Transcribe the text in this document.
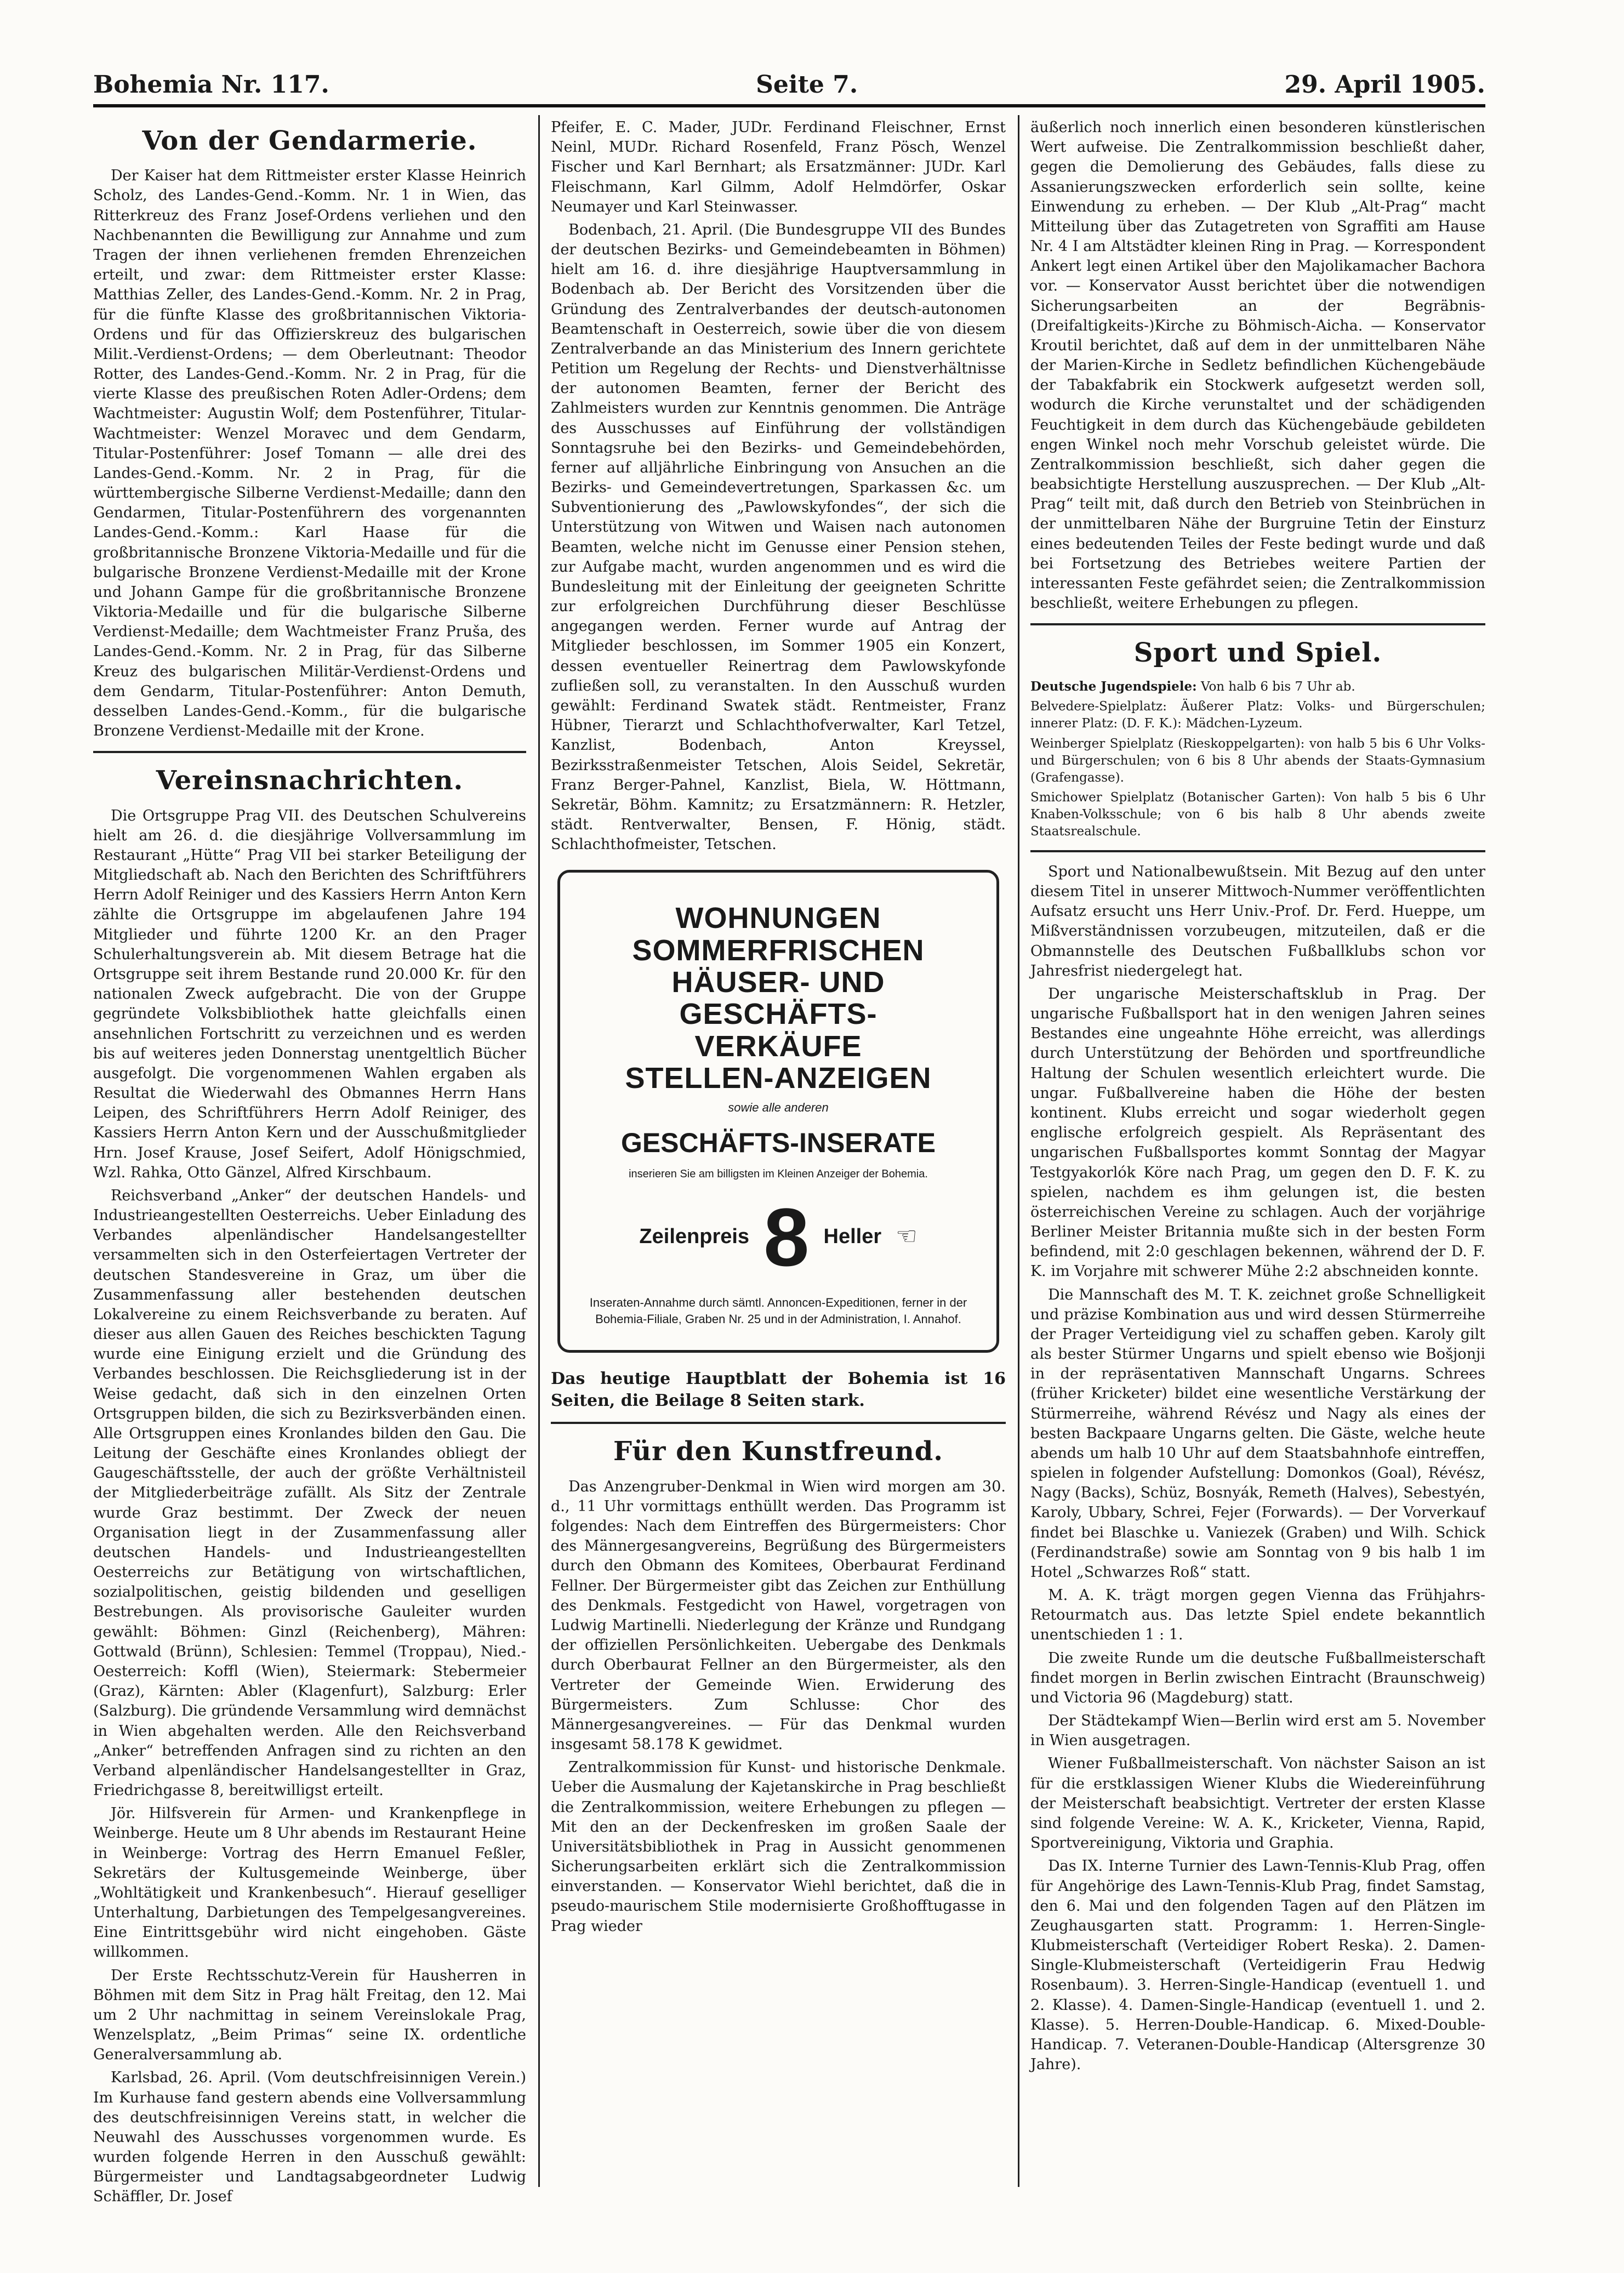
Bohemia Nr. 117.	Seite 7.	29. April 1905.
Von der Gendarmerie.

Der Kaiser hat dem Rittmeister erster Klasse Heinrich Scholz, des Landes-Gend.-Komm. Nr. 1 in Wien, das Ritterkreuz des Franz Josef-Ordens verliehen und den Nachbenannten die Bewilligung zur Annahme und zum Tragen der ihnen verliehenen fremden Ehrenzeichen erteilt, und zwar: dem Rittmeister erster Klasse: Matthias Zeller, des Landes-Gend.-Komm. Nr. 2 in Prag, für die fünfte Klasse des großbritannischen Viktoria-Ordens und für das Offizierskreuz des bulgarischen Milit.-Verdienst-Ordens; — dem Oberleutnant: Theodor Rotter, des Landes-Gend.-Komm. Nr. 2 in Prag, für die vierte Klasse des preußischen Roten Adler-Ordens; dem Wachtmeister: Augustin Wolf; dem Postenführer, Titular-Wachtmeister: Wenzel Moravec und dem Gendarm, Titular-Postenführer: Josef Tomann — alle drei des Landes-Gend.-Komm. Nr. 2 in Prag, für die württembergische Silberne Verdienst-Medaille; dann den Gendarmen, Titular-Postenführern des vorgenannten Landes-Gend.-Komm.: Karl Haase für die großbritannische Bronzene Viktoria-Medaille und für die bulgarische Bronzene Verdienst-Medaille mit der Krone und Johann Gampe für die großbritannische Bronzene Viktoria-Medaille und für die bulgarische Silberne Verdienst-Medaille; dem Wachtmeister Franz Pruša, des Landes-Gend.-Komm. Nr. 2 in Prag, für das Silberne Kreuz des bulgarischen Militär-Verdienst-Ordens und dem Gendarm, Titular-Postenführer: Anton Demuth, desselben Landes-Gend.-Komm., für die bulgarische Bronzene Verdienst-Medaille mit der Krone.

Vereinsnachrichten.

Die Ortsgruppe Prag VII. des Deutschen Schulvereins hielt am 26. d. die diesjährige Vollversammlung im Restaurant „Hütte“ Prag VII bei starker Beteiligung der Mitgliedschaft ab. Nach den Berichten des Schriftführers Herrn Adolf Reiniger und des Kassiers Herrn Anton Kern zählte die Ortsgruppe im abgelaufenen Jahre 194 Mitglieder und führte 1200 Kr. an den Prager Schulerhaltungsverein ab. Mit diesem Betrage hat die Ortsgruppe seit ihrem Bestande rund 20.000 Kr. für den nationalen Zweck aufgebracht. Die von der Gruppe gegründete Volksbibliothek hatte gleichfalls einen ansehnlichen Fortschritt zu verzeichnen und es werden bis auf weiteres jeden Donnerstag unentgeltlich Bücher ausgefolgt. Die vorgenommenen Wahlen ergaben als Resultat die Wiederwahl des Obmannes Herrn Hans Leipen, des Schriftführers Herrn Adolf Reiniger, des Kassiers Herrn Anton Kern und der Ausschußmitglieder Hrn. Josef Krause, Josef Seifert, Adolf Hönigschmied, Wzl. Rahka, Otto Gänzel, Alfred Kirschbaum.

Reichsverband „Anker“ der deutschen Handels- und Industrieangestellten Oesterreichs. Ueber Einladung des Verbandes alpenländischer Handelsangestellter versammelten sich in den Osterfeiertagen Vertreter der deutschen Standesvereine in Graz, um über die Zusammenfassung aller bestehenden deutschen Lokalvereine zu einem Reichsverbande zu beraten. Auf dieser aus allen Gauen des Reiches beschickten Tagung wurde eine Einigung erzielt und die Gründung des Verbandes beschlossen. Die Reichsgliederung ist in der Weise gedacht, daß sich in den einzelnen Orten Ortsgruppen bilden, die sich zu Bezirksverbänden einen. Alle Ortsgruppen eines Kronlandes bilden den Gau. Die Leitung der Geschäfte eines Kronlandes obliegt der Gaugeschäftsstelle, der auch der größte Verhältnisteil der Mitgliederbeiträge zufällt. Als Sitz der Zentrale wurde Graz bestimmt. Der Zweck der neuen Organisation liegt in der Zusammenfassung aller deutschen Handels- und Industrieangestellten Oesterreichs zur Betätigung von wirtschaftlichen, sozialpolitischen, geistig bildenden und geselligen Bestrebungen. Als provisorische Gauleiter wurden gewählt: Böhmen: Ginzl (Reichenberg), Mähren: Gottwald (Brünn), Schlesien: Temmel (Troppau), Nied.-Oesterreich: Koffl (Wien), Steiermark: Stebermeier (Graz), Kärnten: Abler (Klagenfurt), Salzburg: Erler (Salzburg). Die gründende Versammlung wird demnächst in Wien abgehalten werden. Alle den Reichsverband „Anker“ betreffenden Anfragen sind zu richten an den Verband alpenländischer Handelsangestellter in Graz, Friedrichgasse 8, bereitwilligst erteilt.

Jör. Hilfsverein für Armen- und Krankenpflege in Weinberge. Heute um 8 Uhr abends im Restaurant Heine in Weinberge: Vortrag des Herrn Emanuel Feßler, Sekretärs der Kultusgemeinde Weinberge, über „Wohltätigkeit und Krankenbesuch“. Hierauf geselliger Unterhaltung, Darbietungen des Tempelgesangvereines. Eine Eintrittsgebühr wird nicht eingehoben. Gäste willkommen.

Der Erste Rechtsschutz-Verein für Hausherren in Böhmen mit dem Sitz in Prag hält Freitag, den 12. Mai um 2 Uhr nachmittag in seinem Vereinslokale Prag, Wenzelsplatz, „Beim Primas“ seine IX. ordentliche Generalversammlung ab.

Karlsbad, 26. April. (Vom deutschfreisinnigen Verein.) Im Kurhause fand gestern abends eine Vollversammlung des deutschfreisinnigen Vereins statt, in welcher die Neuwahl des Ausschusses vorgenommen wurde. Es wurden folgende Herren in den Ausschuß gewählt: Bürgermeister und Landtagsabgeordneter Ludwig Schäffler, Dr. Josef

Pfeifer, E. C. Mader, JUDr. Ferdinand Fleischner, Ernst Neinl, MUDr. Richard Rosenfeld, Franz Pösch, Wenzel Fischer und Karl Bernhart; als Ersatzmänner: JUDr. Karl Fleischmann, Karl Gilmm, Adolf Helmdörfer, Oskar Neumayer und Karl Steinwasser.

Bodenbach, 21. April. (Die Bundesgruppe VII des Bundes der deutschen Bezirks- und Gemeindebeamten in Böhmen) hielt am 16. d. ihre diesjährige Hauptversammlung in Bodenbach ab. Der Bericht des Vorsitzenden über die Gründung des Zentralverbandes der deutsch-autonomen Beamtenschaft in Oesterreich, sowie über die von diesem Zentralverbande an das Ministerium des Innern gerichtete Petition um Regelung der Rechts- und Dienstverhältnisse der autonomen Beamten, ferner der Bericht des Zahlmeisters wurden zur Kenntnis genommen. Die Anträge des Ausschusses auf Einführung der vollständigen Sonntagsruhe bei den Bezirks- und Gemeindebehörden, ferner auf alljährliche Einbringung von Ansuchen an die Bezirks- und Gemeindevertretungen, Sparkassen &c. um Subventionierung des „Pawlowskyfondes“, der sich die Unterstützung von Witwen und Waisen nach autonomen Beamten, welche nicht im Genusse einer Pension stehen, zur Aufgabe macht, wurden angenommen und es wird die Bundesleitung mit der Einleitung der geeigneten Schritte zur erfolgreichen Durchführung dieser Beschlüsse angegangen werden. Ferner wurde auf Antrag der Mitglieder beschlossen, im Sommer 1905 ein Konzert, dessen eventueller Reinertrag dem Pawlowskyfonde zufließen soll, zu veranstalten. In den Ausschuß wurden gewählt: Ferdinand Swatek städt. Rentmeister, Franz Hübner, Tierarzt und Schlachthofverwalter, Karl Tetzel, Kanzlist, Bodenbach, Anton Kreyssel, Bezirksstraßenmeister Tetschen, Alois Seidel, Sekretär, Franz Berger-Pahnel, Kanzlist, Biela, W. Höttmann, Sekretär, Böhm. Kamnitz; zu Ersatzmännern: R. Hetzler, städt. Rentverwalter, Bensen, F. Hönig, städt. Schlachthofmeister, Tetschen.

WOHNUNGEN
SOMMERFRISCHEN
HÄUSER- UND GESCHÄFTS-
VERKÄUFE
STELLEN-ANZEIGEN
sowie alle anderen
GESCHÄFTS-INSERATE
inserieren Sie am billigsten im Kleinen Anzeiger der Bohemia.
Zeilenpreis 8 Heller ☜
Inseraten-Annahme durch sämtl. Annoncen-Expeditionen, ferner in der Bohemia-Filiale, Graben Nr. 25 und in der Administration, I. Annahof.

Das heutige Hauptblatt der Bohemia ist 16 Seiten, die Beilage 8 Seiten stark.

Für den Kunstfreund.

Das Anzengruber-Denkmal in Wien wird morgen am 30. d., 11 Uhr vormittags enthüllt werden. Das Programm ist folgendes: Nach dem Eintreffen des Bürgermeisters: Chor des Männergesangvereins, Begrüßung des Bürgermeisters durch den Obmann des Komitees, Oberbaurat Ferdinand Fellner. Der Bürgermeister gibt das Zeichen zur Enthüllung des Denkmals. Festgedicht von Hawel, vorgetragen von Ludwig Martinelli. Niederlegung der Kränze und Rundgang der offiziellen Persönlichkeiten. Uebergabe des Denkmals durch Oberbaurat Fellner an den Bürgermeister, als den Vertreter der Gemeinde Wien. Erwiderung des Bürgermeisters. Zum Schlusse: Chor des Männergesangvereines. — Für das Denkmal wurden insgesamt 58.178 K gewidmet.

Zentralkommission für Kunst- und historische Denkmale. Ueber die Ausmalung der Kajetanskirche in Prag beschließt die Zentralkommission, weitere Erhebungen zu pflegen — Mit den an der Deckenfresken im großen Saale der Universitätsbibliothek in Prag in Aussicht genommenen Sicherungsarbeiten erklärt sich die Zentralkommission einverstanden. — Konservator Wiehl berichtet, daß die in pseudo-maurischem Stile modernisierte Großhofftugasse in Prag wieder

äußerlich noch innerlich einen besonderen künstlerischen Wert aufweise. Die Zentralkommission beschließt daher, gegen die Demolierung des Gebäudes, falls diese zu Assanierungszwecken erforderlich sein sollte, keine Einwendung zu erheben. — Der Klub „Alt-Prag“ macht Mitteilung über das Zutagetreten von Sgraffiti am Hause Nr. 4 I am Altstädter kleinen Ring in Prag. — Korrespondent Ankert legt einen Artikel über den Majolikamacher Bachora vor. — Konservator Ausst berichtet über die notwendigen Sicherungsarbeiten an der Begräbnis- (Dreifaltigkeits-)Kirche zu Böhmisch-Aicha. — Konservator Kroutil berichtet, daß auf dem in der unmittelbaren Nähe der Marien-Kirche in Sedletz befindlichen Küchengebäude der Tabakfabrik ein Stockwerk aufgesetzt werden soll, wodurch die Kirche verunstaltet und der schädigenden Feuchtigkeit in dem durch das Küchengebäude gebildeten engen Winkel noch mehr Vorschub geleistet würde. Die Zentralkommission beschließt, sich daher gegen die beabsichtigte Herstellung auszusprechen. — Der Klub „Alt-Prag“ teilt mit, daß durch den Betrieb von Steinbrüchen in der unmittelbaren Nähe der Burgruine Tetin der Einsturz eines bedeutenden Teiles der Feste bedingt wurde und daß bei Fortsetzung des Betriebes weitere Partien der interessanten Feste gefährdet seien; die Zentralkommission beschließt, weitere Erhebungen zu pflegen.

Sport und Spiel.

Deutsche Jugendspiele: Von halb 6 bis 7 Uhr ab.

Belvedere-Spielplatz: Äußerer Platz: Volks- und Bürgerschulen; innerer Platz: (D. F. K.): Mädchen-Lyzeum.

Weinberger Spielplatz (Rieskoppelgarten): von halb 5 bis 6 Uhr Volks- und Bürgerschulen; von 6 bis 8 Uhr abends der Staats-Gymnasium (Grafengasse).

Smichower Spielplatz (Botanischer Garten): Von halb 5 bis 6 Uhr Knaben-Volksschule; von 6 bis halb 8 Uhr abends zweite Staatsrealschule.

Sport und Nationalbewußtsein. Mit Bezug auf den unter diesem Titel in unserer Mittwoch-Nummer veröffentlichten Aufsatz ersucht uns Herr Univ.-Prof. Dr. Ferd. Hueppe, um Mißverständnissen vorzubeugen, mitzuteilen, daß er die Obmannstelle des Deutschen Fußballklubs schon vor Jahresfrist niedergelegt hat.

Der ungarische Meisterschaftsklub in Prag. Der ungarische Fußballsport hat in den wenigen Jahren seines Bestandes eine ungeahnte Höhe erreicht, was allerdings durch Unterstützung der Behörden und sportfreundliche Haltung der Schulen wesentlich erleichtert wurde. Die ungar. Fußballvereine haben die Höhe der besten kontinent. Klubs erreicht und sogar wiederholt gegen englische erfolgreich gespielt. Als Repräsentant des ungarischen Fußballsportes kommt Sonntag der Magyar Testgyakorlók Köre nach Prag, um gegen den D. F. K. zu spielen, nachdem es ihm gelungen ist, die besten österreichischen Vereine zu schlagen. Auch der vorjährige Berliner Meister Britannia mußte sich in der besten Form befindend, mit 2:0 geschlagen bekennen, während der D. F. K. im Vorjahre mit schwerer Mühe 2:2 abschneiden konnte.

Die Mannschaft des M. T. K. zeichnet große Schnelligkeit und präzise Kombination aus und wird dessen Stürmerreihe der Prager Verteidigung viel zu schaffen geben. Karoly gilt als bester Stürmer Ungarns und spielt ebenso wie Bošjonji in der repräsentativen Mannschaft Ungarns. Schrees (früher Kricketer) bildet eine wesentliche Verstärkung der Stürmerreihe, während Révész und Nagy als eines der besten Backpaare Ungarns gelten. Die Gäste, welche heute abends um halb 10 Uhr auf dem Staatsbahnhofe eintreffen, spielen in folgender Aufstellung: Domonkos (Goal), Révész, Nagy (Backs), Schüz, Bosnyák, Remeth (Halves), Sebestyén, Karoly, Ubbary, Schrei, Fejer (Forwards). — Der Vorverkauf findet bei Blaschke u. Vaniezek (Graben) und Wilh. Schick (Ferdinandstraße) sowie am Sonntag von 9 bis halb 1 im Hotel „Schwarzes Roß“ statt.

M. A. K. trägt morgen gegen Vienna das Frühjahrs-Retourmatch aus. Das letzte Spiel endete bekanntlich unentschieden 1 : 1.

Die zweite Runde um die deutsche Fußballmeisterschaft findet morgen in Berlin zwischen Eintracht (Braunschweig) und Victoria 96 (Magdeburg) statt.

Der Städtekampf Wien—Berlin wird erst am 5. November in Wien ausgetragen.

Wiener Fußballmeisterschaft. Von nächster Saison an ist für die erstklassigen Wiener Klubs die Wiedereinführung der Meisterschaft beabsichtigt. Vertreter der ersten Klasse sind folgende Vereine: W. A. K., Kricketer, Vienna, Rapid, Sportvereinigung, Viktoria und Graphia.

Das IX. Interne Turnier des Lawn-Tennis-Klub Prag, offen für Angehörige des Lawn-Tennis-Klub Prag, findet Samstag, den 6. Mai und den folgenden Tagen auf den Plätzen im Zeughausgarten statt. Programm: 1. Herren-Single-Klubmeisterschaft (Verteidiger Robert Reska). 2. Damen-Single-Klubmeisterschaft (Verteidigerin Frau Hedwig Rosenbaum). 3. Herren-Single-Handicap (eventuell 1. und 2. Klasse). 4. Damen-Single-Handicap (eventuell 1. und 2. Klasse). 5. Herren-Double-Handicap. 6. Mixed-Double-Handicap. 7. Veteranen-Double-Handicap (Altersgrenze 30 Jahre).
